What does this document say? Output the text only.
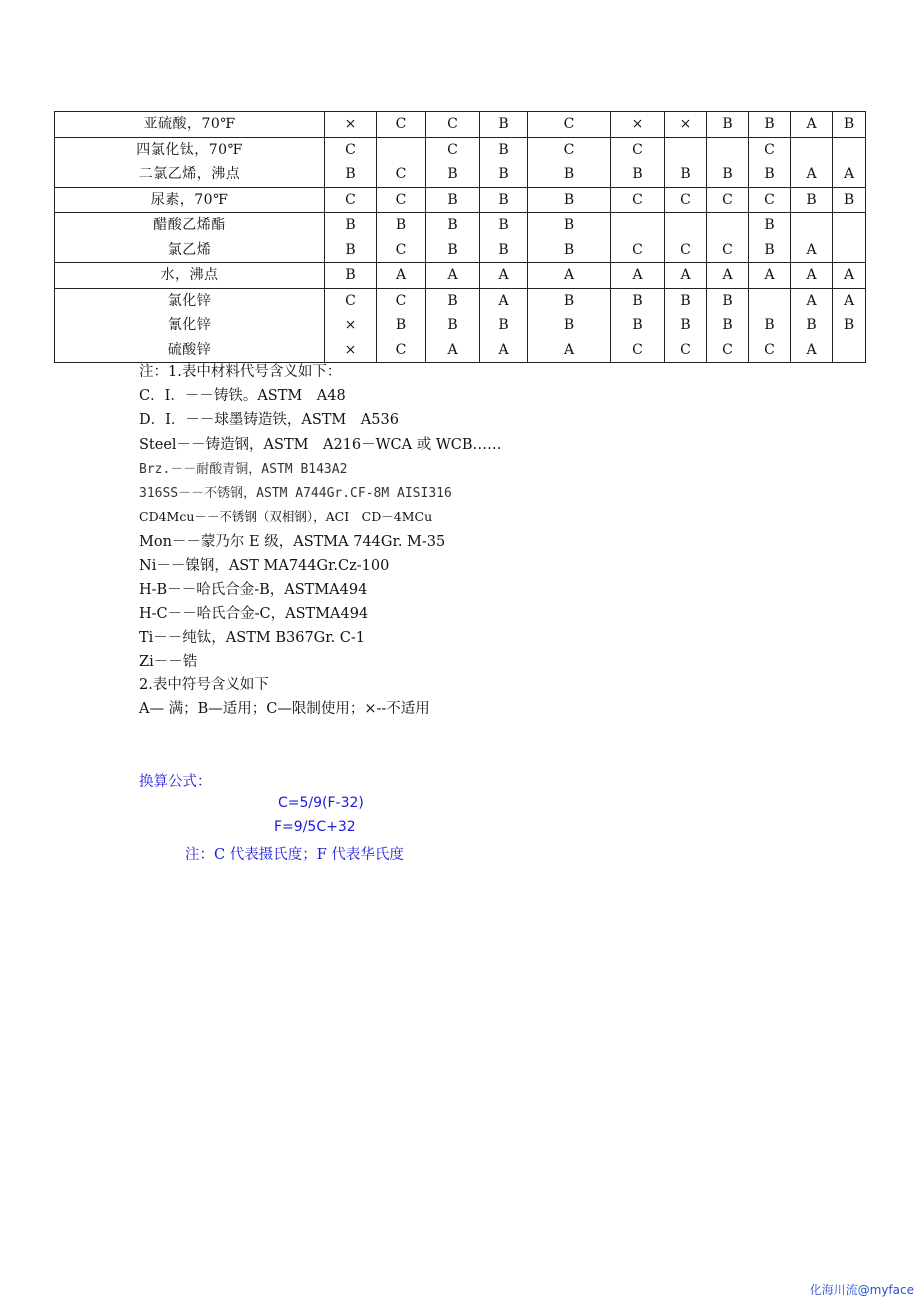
亚硫酸，70℉	×	C	C	B	C	×	×	B	B	A	B
四氯化钛，70℉	C		C	B	C	C			C		
二氯乙烯，沸点	B	C	B	B	B	B	B	B	B	A	A
尿素，70℉	C	C	B	B	B	C	C	C	C	B	B
醋酸乙烯酯	B	B	B	B	B				B		
氯乙烯	B	C	B	B	B	C	C	C	B	A	
水，沸点	B	A	A	A	A	A	A	A	A	A	A
氯化锌	C	C	B	A	B	B	B	B		A	A
氰化锌	×	B	B	B	B	B	B	B	B	B	B
硫酸锌	×	C	A	A	A	C	C	C	C	A	
注：1.表中材料代号含义如下：
C．I．－－铸铁。ASTM　A48
D．I．－－球墨铸造铁，ASTM　A536
Steel－－铸造钢，ASTM　A216－WCA 或 WCB……
Brz.－－耐酸青铜，ASTM B143A2
316SS－－不锈钢，ASTM A744Gr.CF-8M AISI316
CD4Mcu－－不锈钢（双相钢），ACI　CD－4MCu
Mon－－蒙乃尔 E 级，ASTMA 744Gr. M-35
Ni－－镍钢，AST MA744Gr.Cz-100
H-B－－哈氏合金-B，ASTMA494
H-C－－哈氏合金-C，ASTMA494
Ti－－纯钛，ASTM B367Gr. C-1
Zi－－锆
2.表中符号含义如下
A— 满；B—适用；C—限制使用；×--不适用
换算公式：
C=5/9(F-32)
F=9/5C+32
注：C 代表摄氏度；F 代表华氏度
化海川流@myface
